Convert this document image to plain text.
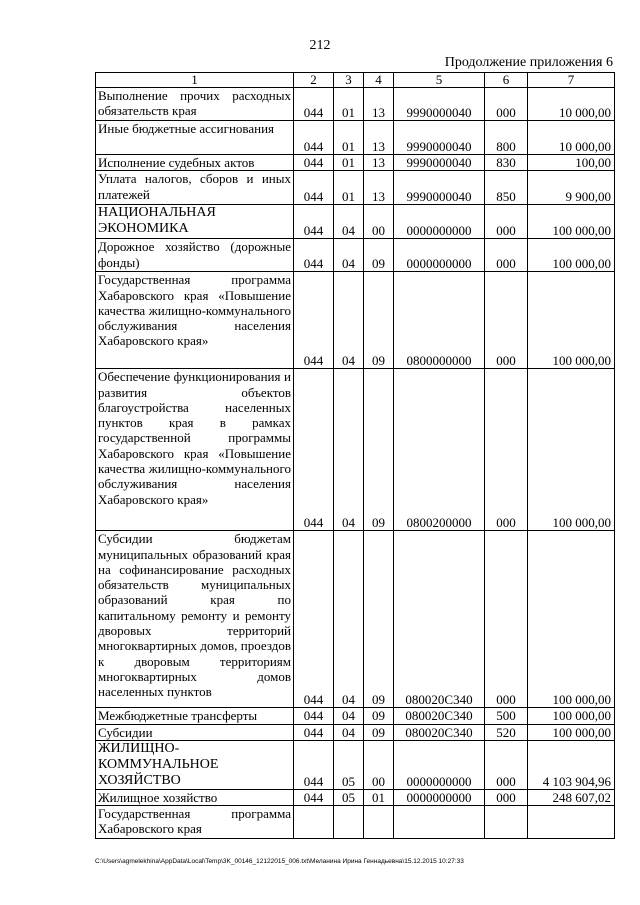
212
Продолжение приложения 6
1	2	3	4	5	6	7
Выполнение прочих расходных обязательств края	044	01	13	9990000040	000	10 000,00
Иные бюджетные ассигнования	044	01	13	9990000040	800	10 000,00
Исполнение судебных актов	044	01	13	9990000040	830	100,00
Уплата налогов, сборов и иных платежей	044	01	13	9990000040	850	9 900,00
НАЦИОНАЛЬНАЯ ЭКОНОМИКА	044	04	00	0000000000	000	100 000,00
Дорожное хозяйство (дорожные фонды)	044	04	09	0000000000	000	100 000,00
Государственная программа Хабаровского края «Повышение качества жилищно-коммунального обслуживания населения Хабаровского края»	044	04	09	0800000000	000	100 000,00
Обеспечение функционирования и развития объектов благоустройства населенных пунктов края в рамках государственной программы Хабаровского края «Повышение качества жилищно-коммунального обслуживания населения Хабаровского края»	044	04	09	0800200000	000	100 000,00
Субсидии бюджетам муниципальных образований края на софинансирование расходных обязательств муниципальных образований края по капитальному ремонту и ремонту дворовых территорий многоквартирных домов, проездов к дворовым территориям многоквартирных домов населенных пунктов	044	04	09	080020C340	000	100 000,00
Межбюджетные трансферты	044	04	09	080020C340	500	100 000,00
Субсидии	044	04	09	080020C340	520	100 000,00
ЖИЛИЩНО-КОММУНАЛЬНОЕ ХОЗЯЙСТВО	044	05	00	0000000000	000	4 103 904,96
Жилищное хозяйство	044	05	01	0000000000	000	248 607,02
Государственная программа Хабаровского края						
C:\Users\agmelekhina\AppData\Local\Temp\3K_00146_12122015_006.txt\Меланина Ирина Геннадьевна\15.12.2015 10:27:33
